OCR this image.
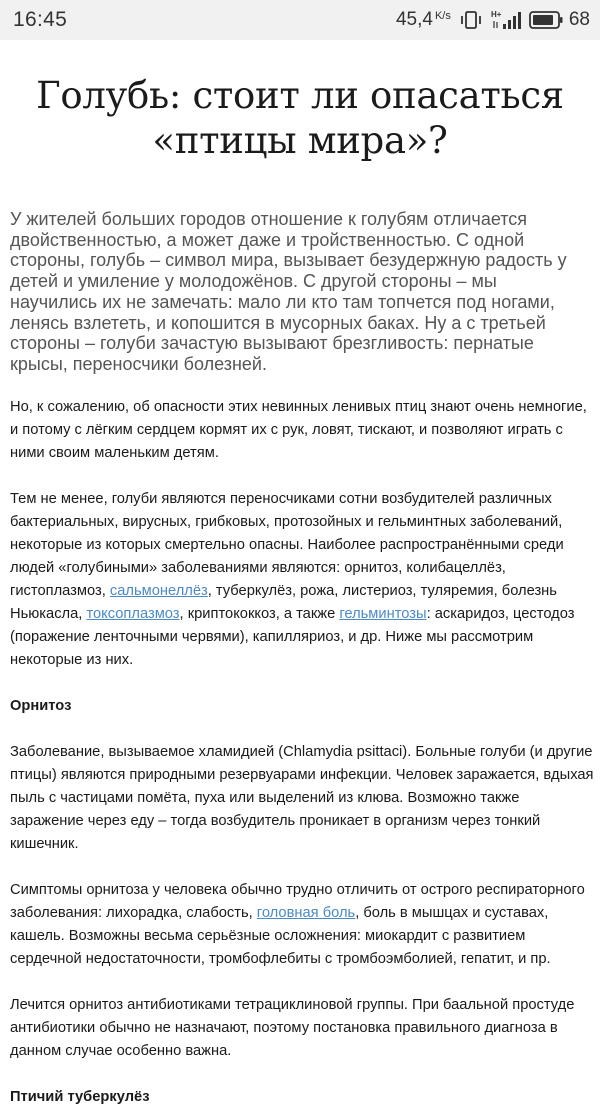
16:45	45,4 K/s	H+	68
Голубь: стоит ли опасаться
«птицы мира»?

У жителей больших городов отношение к голубям отличается
двойственностью, а может даже и тройственностью. С одной
стороны, голубь – символ мира, вызывает безудержную радость у
детей и умиление у молодожёнов. С другой стороны – мы
научились их не замечать: мало ли кто там топчется под ногами,
ленясь взлететь, и копошится в мусорных баках. Ну а с третьей
стороны – голуби зачастую вызывают брезгливость: пернатые
крысы, переносчики болезней.

Но, к сожалению, об опасности этих невинных ленивых птиц знают очень немногие,
и потому с лёгким сердцем кормят их с рук, ловят, тискают, и позволяют играть с
ними своим маленьким детям.

Тем не менее, голуби являются переносчиками сотни возбудителей различных
бактериальных, вирусных, грибковых, протозойных и гельминтных заболеваний,
некоторые из которых смертельно опасны. Наиболее распространёнными среди
людей «голубиными» заболеваниями являются: орнитоз, колибацеллёз,
гистоплазмоз, сальмонеллёз, туберкулёз, рожа, листериоз, туляремия, болезнь
Ньюкасла, токсоплазмоз, криптококкоз, а также гельминтозы: аскаридоз, цестодоз
(поражение ленточными червями), капилляриоз, и др. Ниже мы рассмотрим
некоторые из них.

Орнитоз

Заболевание, вызываемое хламидией (Chlamydia psittaci). Больные голуби (и другие
птицы) являются природными резервуарами инфекции. Человек заражается, вдыхая
пыль с частицами помёта, пуха или выделений из клюва. Возможно также
заражение через еду – тогда возбудитель проникает в организм через тонкий
кишечник.

Симптомы орнитоза у человека обычно трудно отличить от острого респираторного
заболевания: лихорадка, слабость, головная боль, боль в мышцах и суставах,
кашель. Возможны весьма серьёзные осложнения: миокардит с развитием
сердечной недостаточности, тромбофлебиты с тромбоэмболией, гепатит, и пр.

Лечится орнитоз антибиотиками тетрациклиновой группы. При баальной простуде
антибиотики обычно не назначают, поэтому постановка правильного диагноза в
данном случае особенно важна.

Птичий туберкулёз
